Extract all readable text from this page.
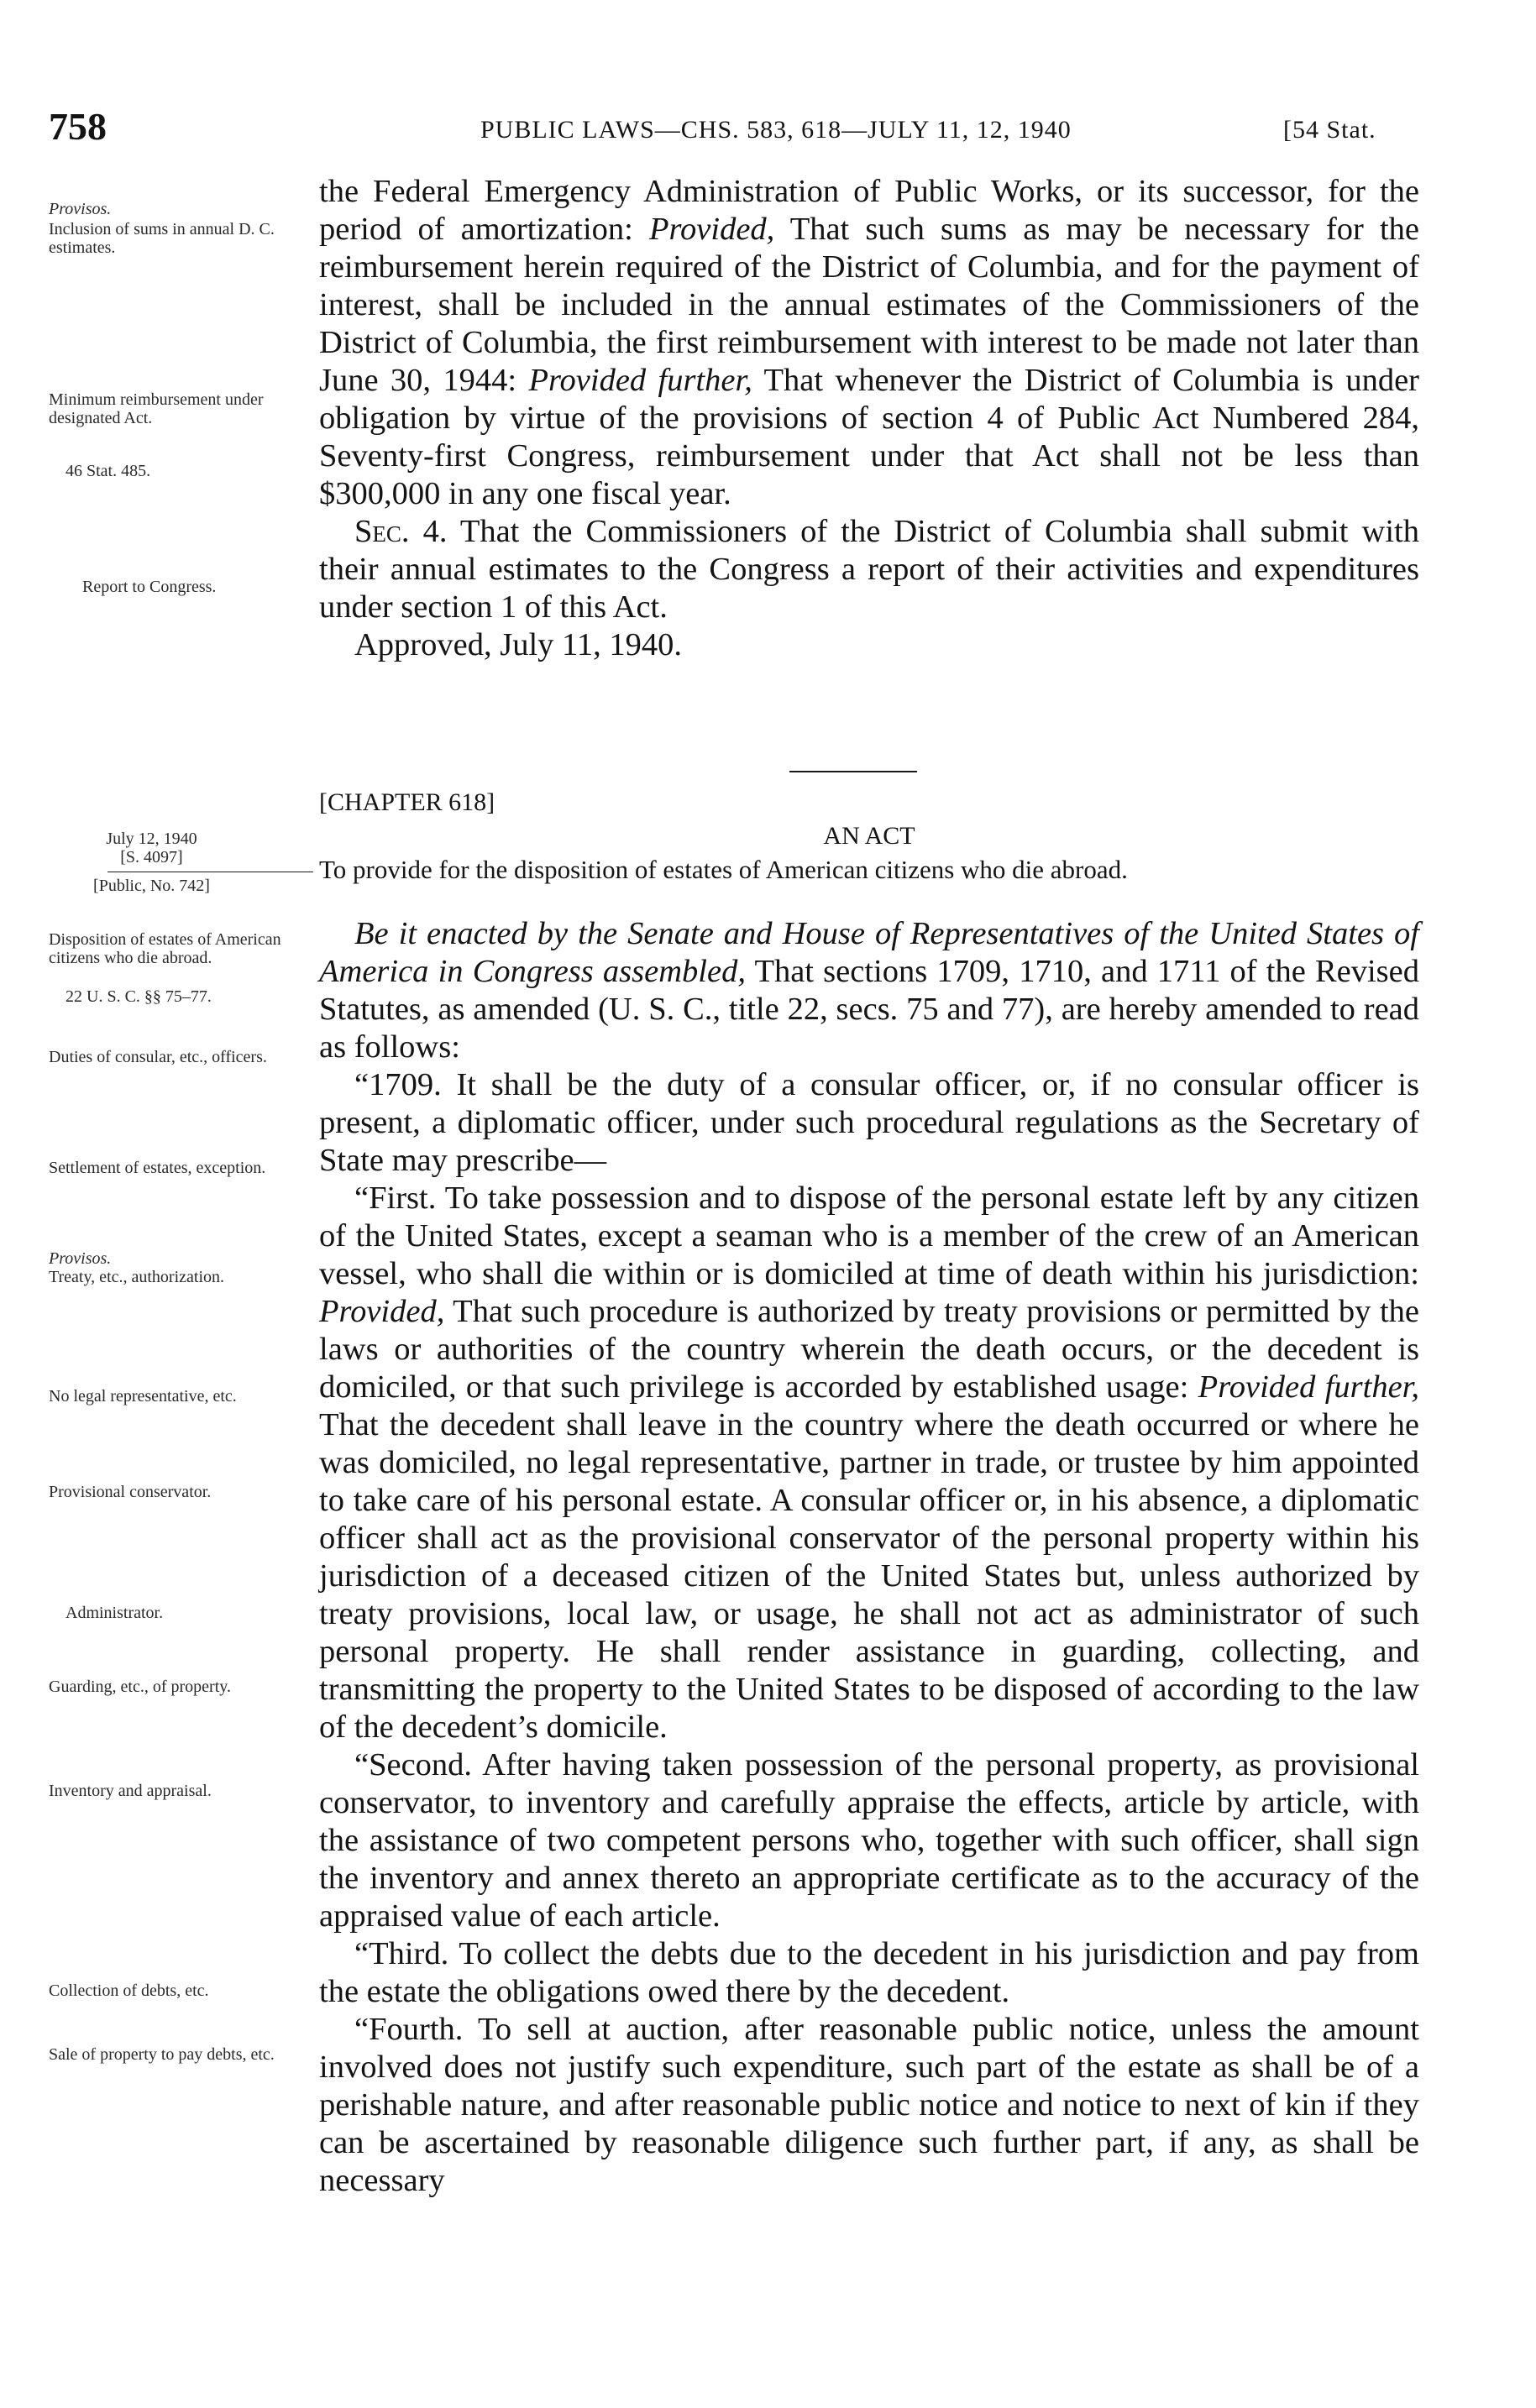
758	PUBLIC LAWS—CHS. 583, 618—JULY 11, 12, 1940	[54 Stat.
Provisos.
Inclusion of sums in annual D. C. estimates.
Minimum reimbursement under designated Act.
46 Stat. 485.
Report to Congress.
July 12, 1940
[S. 4097]
[Public, No. 742]
Disposition of estates of American citizens who die abroad.
22 U. S. C. §§ 75–77.
Duties of consular, etc., officers.
Settlement of estates, exception.
Provisos.
Treaty, etc., authorization.
No legal representative, etc.
Provisional conservator.
Administrator.
Guarding, etc., of property.
Inventory and appraisal.
Collection of debts, etc.
Sale of property to pay debts, etc.

the Federal Emergency Administration of Public Works, or its successor, for the period of amortization: Provided, That such sums as may be necessary for the reimbursement herein required of the District of Columbia, and for the payment of interest, shall be included in the annual estimates of the Commissioners of the District of Columbia, the first reimbursement with interest to be made not later than June 30, 1944: Provided further, That whenever the District of Columbia is under obligation by virtue of the provisions of section 4 of Public Act Numbered 284, Seventy-first Congress, reimbursement under that Act shall not be less than $300,000 in any one fiscal year.

Sec. 4. That the Commissioners of the District of Columbia shall submit with their annual estimates to the Congress a report of their activities and expenditures under section 1 of this Act.

Approved, July 11, 1940.

[CHAPTER 618]

AN ACT

To provide for the disposition of estates of American citizens who die abroad.

Be it enacted by the Senate and House of Representatives of the United States of America in Congress assembled, That sections 1709, 1710, and 1711 of the Revised Statutes, as amended (U. S. C., title 22, secs. 75 and 77), are hereby amended to read as follows:

“1709. It shall be the duty of a consular officer, or, if no consular officer is present, a diplomatic officer, under such procedural regulations as the Secretary of State may prescribe—

“First. To take possession and to dispose of the personal estate left by any citizen of the United States, except a seaman who is a member of the crew of an American vessel, who shall die within or is domiciled at time of death within his jurisdiction: Provided, That such procedure is authorized by treaty provisions or permitted by the laws or authorities of the country wherein the death occurs, or the decedent is domiciled, or that such privilege is accorded by established usage: Provided further, That the decedent shall leave in the country where the death occurred or where he was domiciled, no legal representative, partner in trade, or trustee by him appointed to take care of his personal estate. A consular officer or, in his absence, a diplomatic officer shall act as the provisional conservator of the personal property within his jurisdiction of a deceased citizen of the United States but, unless authorized by treaty provisions, local law, or usage, he shall not act as administrator of such personal property. He shall render assistance in guarding, collecting, and transmitting the property to the United States to be disposed of according to the law of the decedent’s domicile.

“Second. After having taken possession of the personal property, as provisional conservator, to inventory and carefully appraise the effects, article by article, with the assistance of two competent persons who, together with such officer, shall sign the inventory and annex thereto an appropriate certificate as to the accuracy of the appraised value of each article.

“Third. To collect the debts due to the decedent in his jurisdiction and pay from the estate the obligations owed there by the decedent.

“Fourth. To sell at auction, after reasonable public notice, unless the amount involved does not justify such expenditure, such part of the estate as shall be of a perishable nature, and after reasonable public notice and notice to next of kin if they can be ascertained by reasonable diligence such further part, if any, as shall be necessary
